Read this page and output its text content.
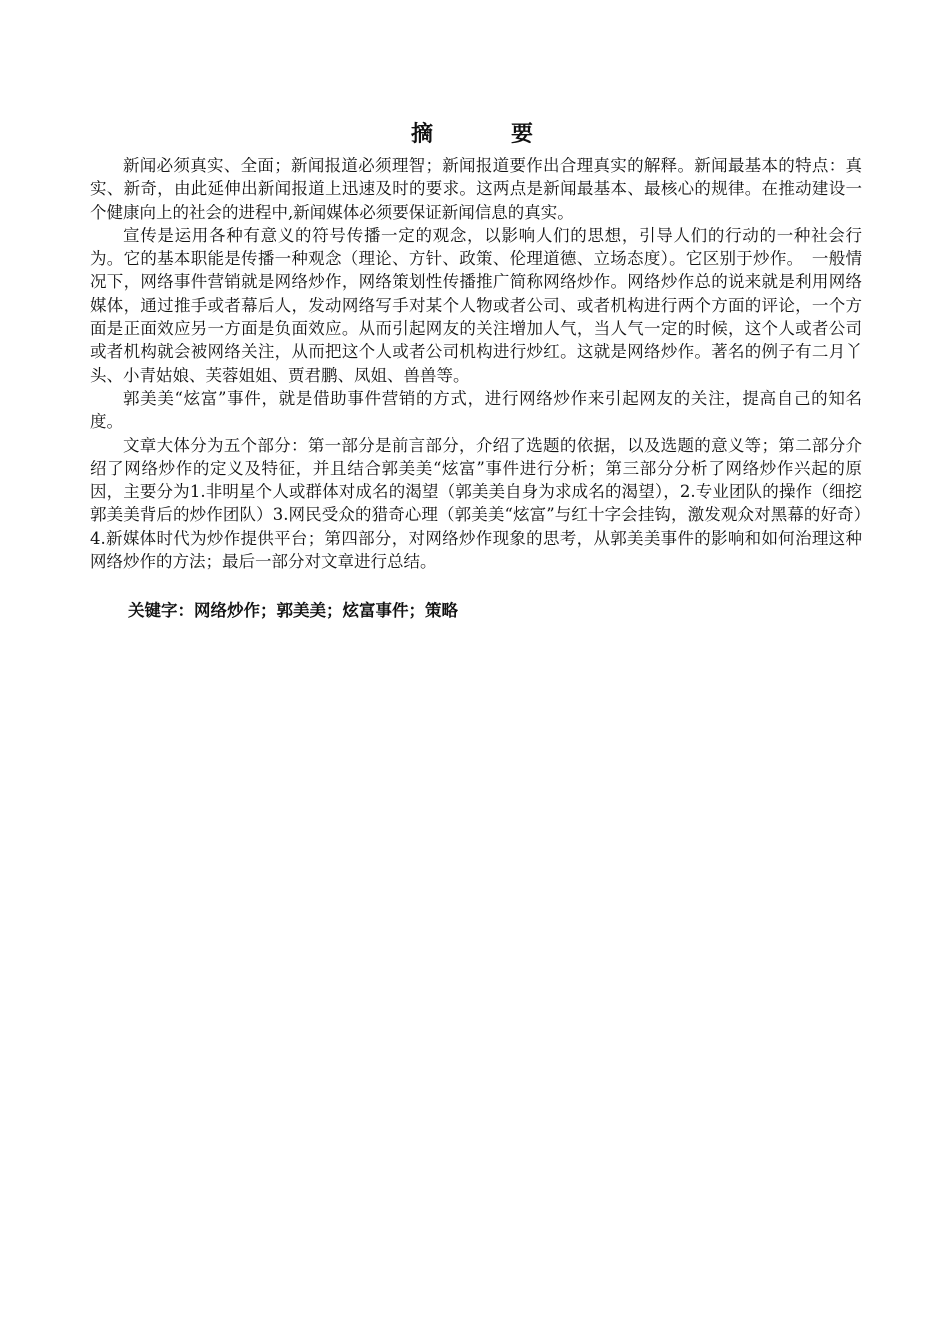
摘　要

新闻必须真实、全面；新闻报道必须理智；新闻报道要作出合理真实的解释。新闻最基本的特点：真实、新奇，由此延伸出新闻报道上迅速及时的要求。这两点是新闻最基本、最核心的规律。在推动建设一个健康向上的社会的进程中,新闻媒体必须要保证新闻信息的真实。

宣传是运用各种有意义的符号传播一定的观念，以影响人们的思想，引导人们的行动的一种社会行为。它的基本职能是传播一种观念（理论、方针、政策、伦理道德、立场态度）。它区别于炒作。　一般情况下，网络事件营销就是网络炒作，网络策划性传播推广简称网络炒作。网络炒作总的说来就是利用网络媒体，通过推手或者幕后人，发动网络写手对某个人物或者公司、或者机构进行两个方面的评论，一个方面是正面效应另一方面是负面效应。从而引起网友的关注增加人气，当人气一定的时候，这个人或者公司或者机构就会被网络关注，从而把这个人或者公司机构进行炒红。这就是网络炒作。著名的例子有二月丫头、小青姑娘、芙蓉姐姐、贾君鹏、凤姐、兽兽等。

郭美美“炫富”事件，就是借助事件营销的方式，进行网络炒作来引起网友的关注，提高自己的知名度。

文章大体分为五个部分：第一部分是前言部分，介绍了选题的依据，以及选题的意义等；第二部分介绍了网络炒作的定义及特征，并且结合郭美美“炫富”事件进行分析；第三部分分析了网络炒作兴起的原因，主要分为1.非明星个人或群体对成名的渴望（郭美美自身为求成名的渴望），2.专业团队的操作（细挖郭美美背后的炒作团队）3.网民受众的猎奇心理（郭美美“炫富”与红十字会挂钩，激发观众对黑幕的好奇）4.新媒体时代为炒作提供平台；第四部分，对网络炒作现象的思考，从郭美美事件的影响和如何治理这种网络炒作的方法；最后一部分对文章进行总结。

关键字：网络炒作；郭美美；炫富事件；策略
